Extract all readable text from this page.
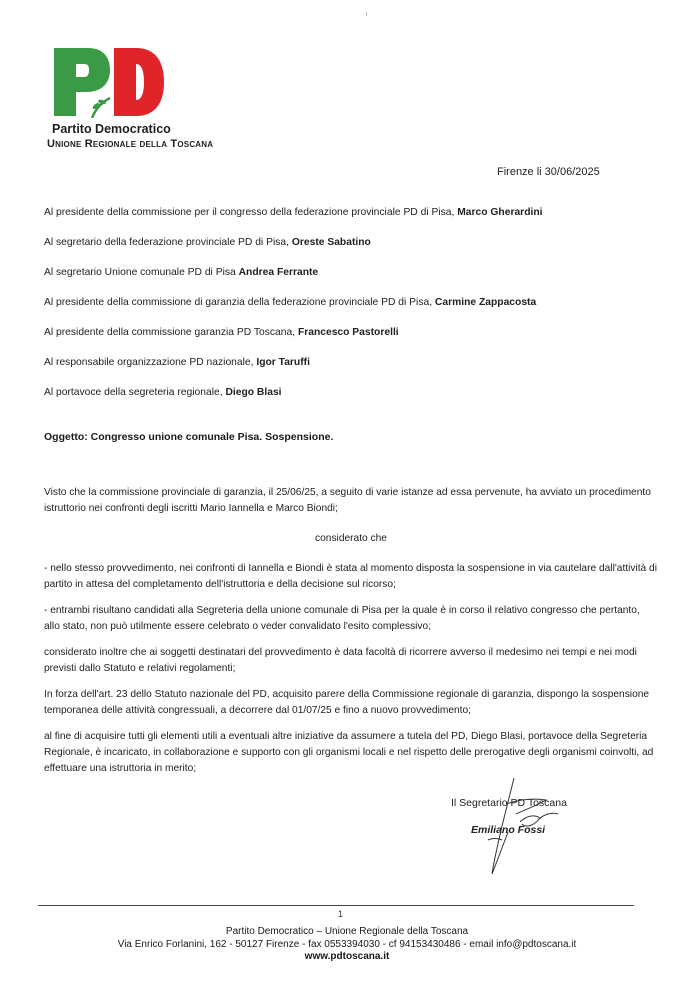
Partito Democratico
Unione Regionale della Toscana
Firenze li 30/06/2025
Al presidente della commissione per il congresso della federazione provinciale PD di Pisa, Marco Gherardini
Al segretario della federazione provinciale PD di Pisa, Oreste Sabatino
Al segretario Unione comunale PD di Pisa Andrea Ferrante
Al presidente della commissione di garanzia della federazione provinciale PD di Pisa, Carmine Zappacosta
Al presidente della commissione garanzia PD Toscana, Francesco Pastorelli
Al responsabile organizzazione PD nazionale, Igor Taruffi
Al portavoce della segreteria regionale, Diego Blasi
Oggetto: Congresso unione comunale Pisa. Sospensione.

Visto che la commissione provinciale di garanzia, il 25/06/25, a seguito di varie istanze ad essa pervenute, ha avviato un procedimento istruttorio nei confronti degli iscritti Mario Iannella e Marco Biondi;

considerato che

- nello stesso provvedimento, nei confronti di Iannella e Biondi è stata al momento disposta la sospensione in via cautelare dall'attività di partito in attesa del completamento dell'istruttoria e della decisione sul ricorso;

- entrambi risultano candidati alla Segreteria della unione comunale di Pisa per la quale è in corso il relativo congresso che pertanto, allo stato, non può utilmente essere celebrato o veder convalidato l'esito complessivo;

considerato inoltre che ai soggetti destinatari del provvedimento è data facoltà di ricorrere avverso il medesimo nei tempi e nei modi previsti dallo Statuto e relativi regolamenti;

In forza dell'art. 23 dello Statuto nazionale del PD, acquisito parere della Commissione regionale di garanzia, dispongo la sospensione temporanea delle attività congressuali, a decorrere dal 01/07/25 e fino a nuovo provvedimento;

al fine di acquisire tutti gli elementi utili a eventuali altre iniziative da assumere a tutela del PD, Diego Blasi, portavoce della Segreteria Regionale, è incaricato, in collaborazione e supporto con gli organismi locali e nel rispetto delle prerogative degli organismi coinvolti, ad effettuare una istruttoria in merito;

Il Segretario PD Toscana
Emiliano Fossi
1
Partito Democratico – Unione Regionale della Toscana
Via Enrico Forlanini, 162 - 50127 Firenze - fax 0553394030 - cf 94153430486 - email info@pdtoscana.it
www.pdtoscana.it
